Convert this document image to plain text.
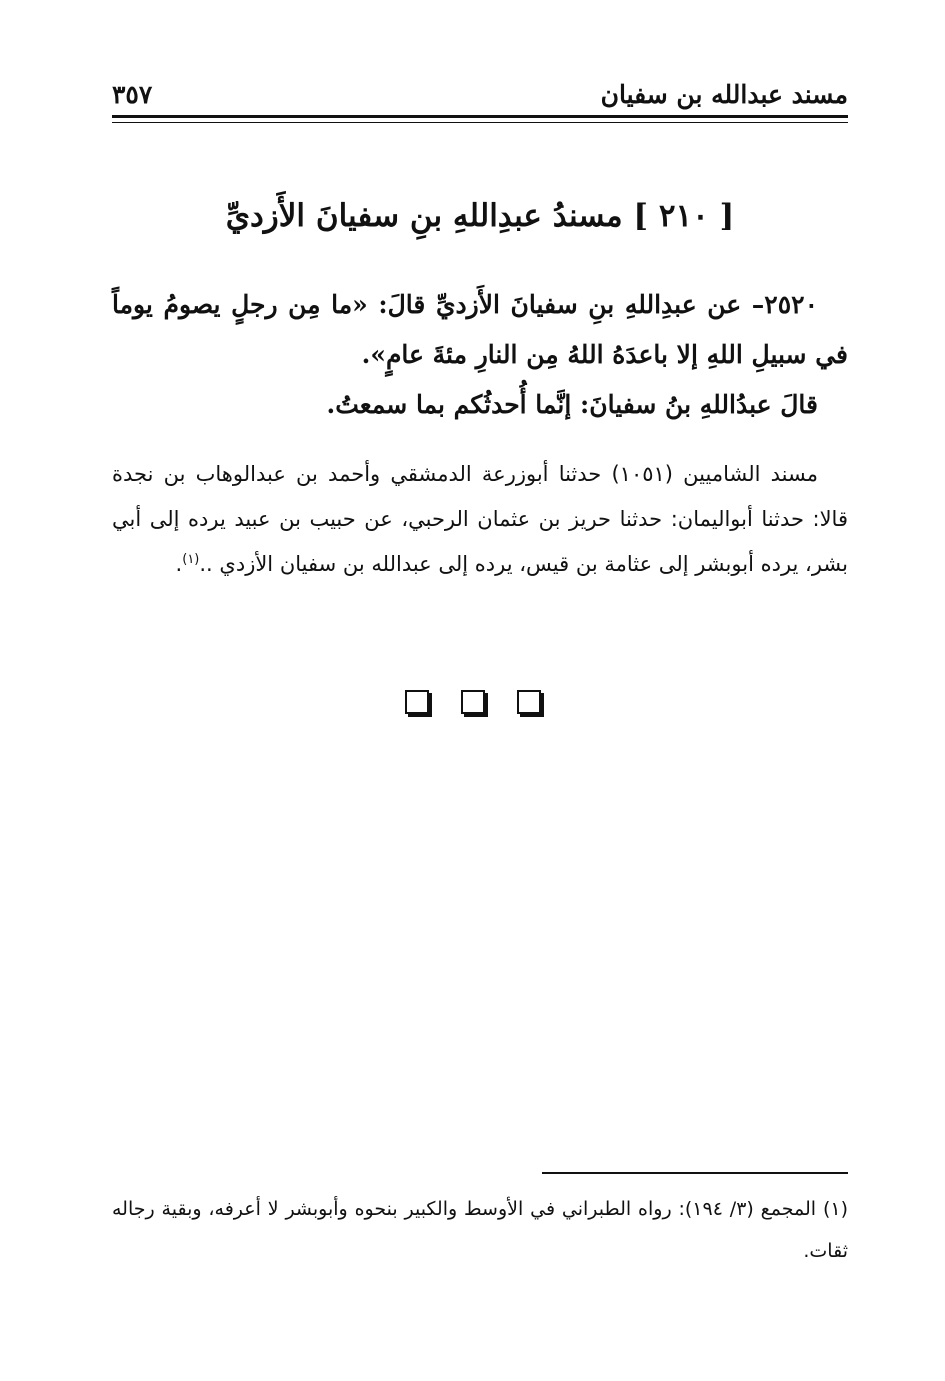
مسند عبدالله بن سفيان
٣٥٧
[ ٢١٠ ] مسندُ عبدِاللهِ بنِ سفيانَ الأَزديِّ

٢٥٢٠– عن عبدِاللهِ بنِ سفيانَ الأَزديِّ قالَ: «ما مِن رجلٍ يصومُ يوماً في سبيلِ اللهِ إلا باعدَهُ اللهُ مِن النارِ مئةَ عامٍ».

قالَ عبدُاللهِ بنُ سفيانَ: إنَّما أُحدثُكم بما سمعتُ.

مسند الشاميين (١٠٥١) حدثنا أبوزرعة الدمشقي وأحمد بن عبدالوهاب بن نجدة قالا: حدثنا أبواليمان: حدثنا حريز بن عثمان الرحبي، عن حبيب بن عبيد يرده إلى أبي بشر، يرده أبوبشر إلى عثامة بن قيس، يرده إلى عبدالله بن سفيان الأزدي ..$^{(١)}$.
(١) المجمع (٣/ ١٩٤): رواه الطبراني في الأوسط والكبير بنحوه وأبوبشر لا أعرفه، وبقية رجاله ثقات.
